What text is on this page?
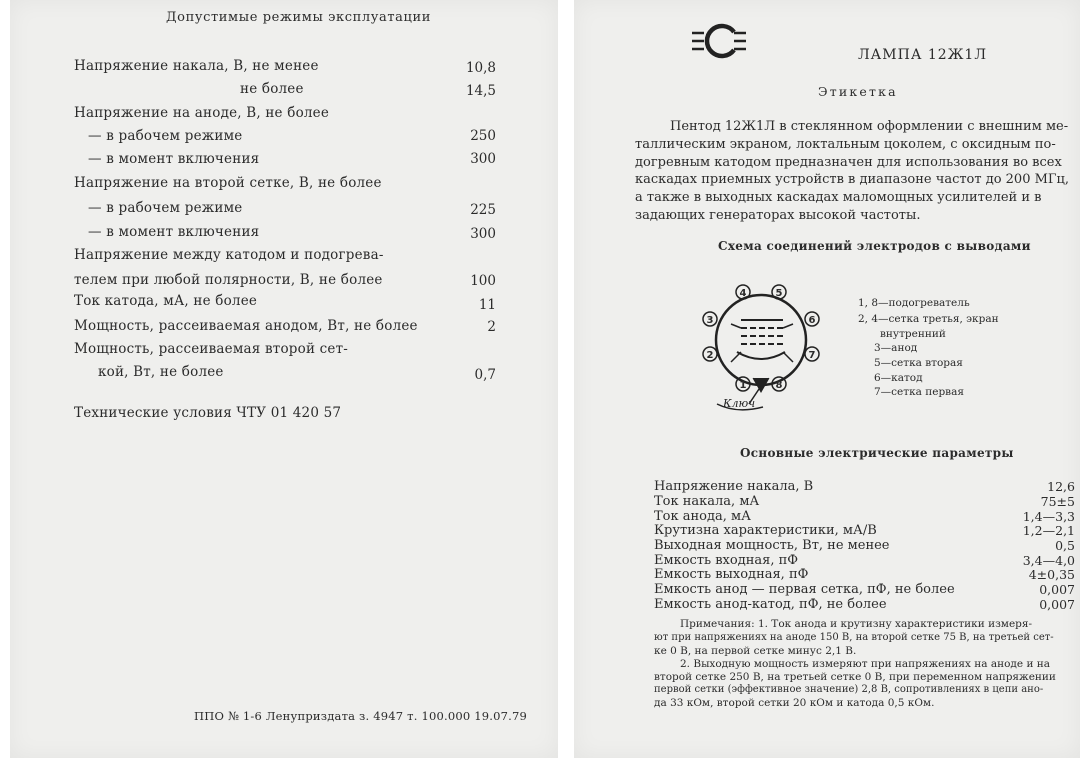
Допустимые режимы эксплуатации
Напряжение накала, В, не менее	10,8
не более	14,5
Напряжение на аноде, В, не более
— в рабочем режиме	250
— в момент включения	300
Напряжение на второй сетке, В, не более
— в рабочем режиме	225
— в момент включения	300
Напряжение между катодом и подогрева-
телем при любой полярности, В, не более	100
Ток катода, мА, не более	11
Мощность, рассеиваемая анодом, Вт, не более	2
Мощность, рассеиваемая второй сет-
кой, Вт, не более	0,7
Технические условия ЧТУ 01 420 57
ППО № 1-6 Ленуприздата з. 4947 т. 100.000 19.07.79
ЛАМПА 12Ж1Л
Этикетка
Пентод 12Ж1Л в стеклянном оформлении с внешним ме-
таллическим экраном, локтальным цоколем, с оксидным по-
догревным катодом предназначен для использования во всех
каскадах приемных устройств в диапазоне частот до 200 МГц,
а также в выходных каскадах маломощных усилителей и в
задающих генераторах высокой частоты.
Схема соединений электродов с выводами
1
2
3
4	5
6
7
8
Ключ
1, 8—подогреватель
2, 4—сетка третья, экран
внутренний
3—анод
5—сетка вторая
6—катод
7—сетка первая
Основные электрические параметры
Напряжение накала, В	12,6
Ток накала, мА	75±5
Ток анода, мА	1,4—3,3
Крутизна характеристики, мА/В	1,2—2,1
Выходная мощность, Вт, не менее	0,5
Емкость входная, пФ	3,4—4,0
Емкость выходная, пФ	4±0,35
Емкость анод — первая сетка, пФ, не более	0,007
Емкость анод-катод, пФ, не более	0,007
Примечания: 1. Ток анода и крутизну характеристики измеря-
ют при напряжениях на аноде 150 В, на второй сетке 75 В, на третьей сет-
ке 0 В, на первой сетке минус 2,1 В.
2. Выходную мощность измеряют при напряжениях на аноде и на
второй сетке 250 В, на третьей сетке 0 В, при переменном напряжении
первой сетки (эффективное значение) 2,8 В, сопротивлениях в цепи ано-
да 33 кОм, второй сетки 20 кОм и катода 0,5 кОм.
